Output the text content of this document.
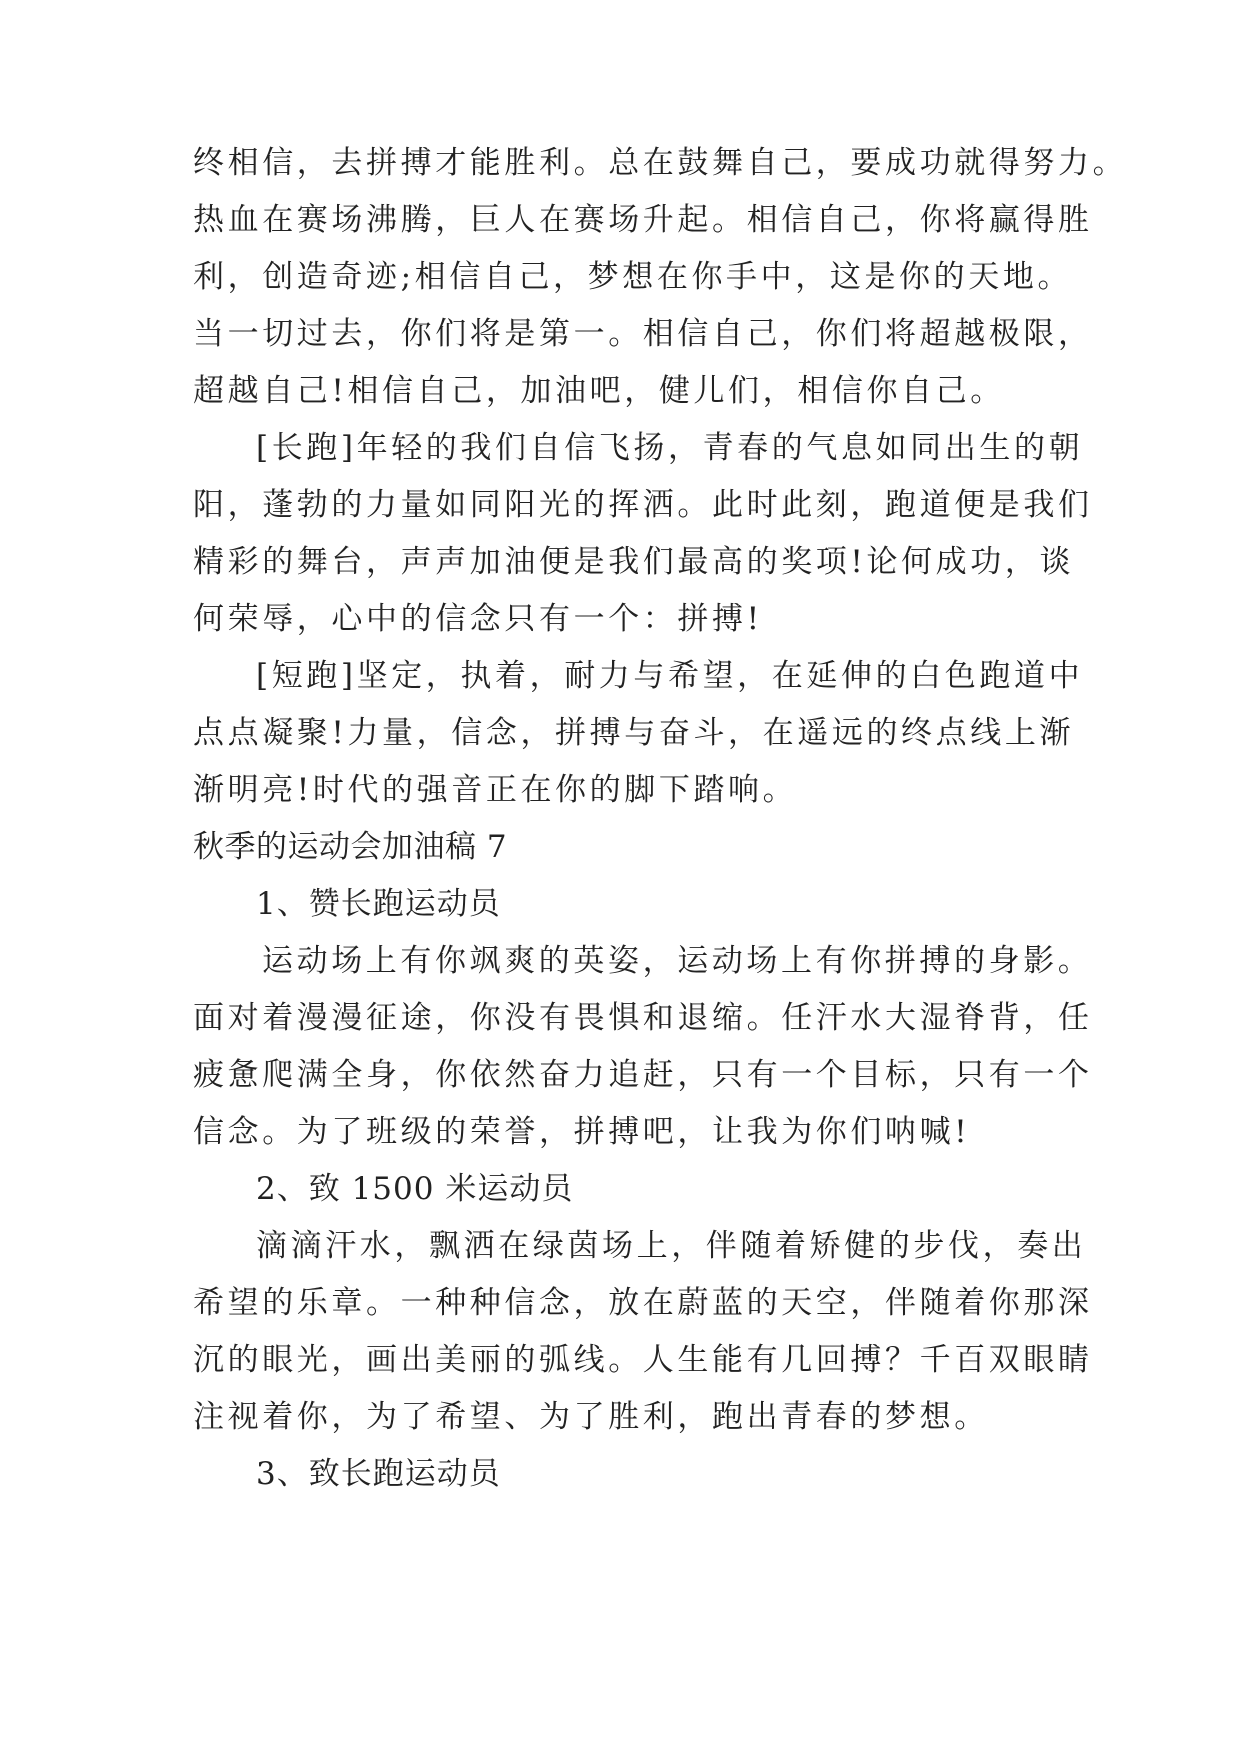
终相信，去拼搏才能胜利。总在鼓舞自己，要成功就得努力。
热血在赛场沸腾，巨人在赛场升起。相信自己，你将赢得胜
利，创造奇迹;相信自己，梦想在你手中，这是你的天地。
当一切过去，你们将是第一。相信自己，你们将超越极限，
超越自己!相信自己，加油吧，健儿们，相信你自己。
[长跑]年轻的我们自信飞扬，青春的气息如同出生的朝
阳，蓬勃的力量如同阳光的挥洒。此时此刻，跑道便是我们
精彩的舞台，声声加油便是我们最高的奖项!论何成功，谈
何荣辱，心中的信念只有一个：拼搏!
[短跑]坚定，执着，耐力与希望，在延伸的白色跑道中
点点凝聚!力量，信念，拼搏与奋斗，在遥远的终点线上渐
渐明亮!时代的强音正在你的脚下踏响。
秋季的运动会加油稿 7
1、赞长跑运动员
运动场上有你飒爽的英姿，运动场上有你拼搏的身影。
面对着漫漫征途，你没有畏惧和退缩。任汗水大湿脊背，任
疲惫爬满全身，你依然奋力追赶，只有一个目标，只有一个
信念。为了班级的荣誉，拼搏吧，让我为你们呐喊!
2、致 1500 米运动员
滴滴汗水，飘洒在绿茵场上，伴随着矫健的步伐，奏出
希望的乐章。一种种信念，放在蔚蓝的天空，伴随着你那深
沉的眼光，画出美丽的弧线。人生能有几回搏？千百双眼睛
注视着你，为了希望、为了胜利，跑出青春的梦想。
3、致长跑运动员
